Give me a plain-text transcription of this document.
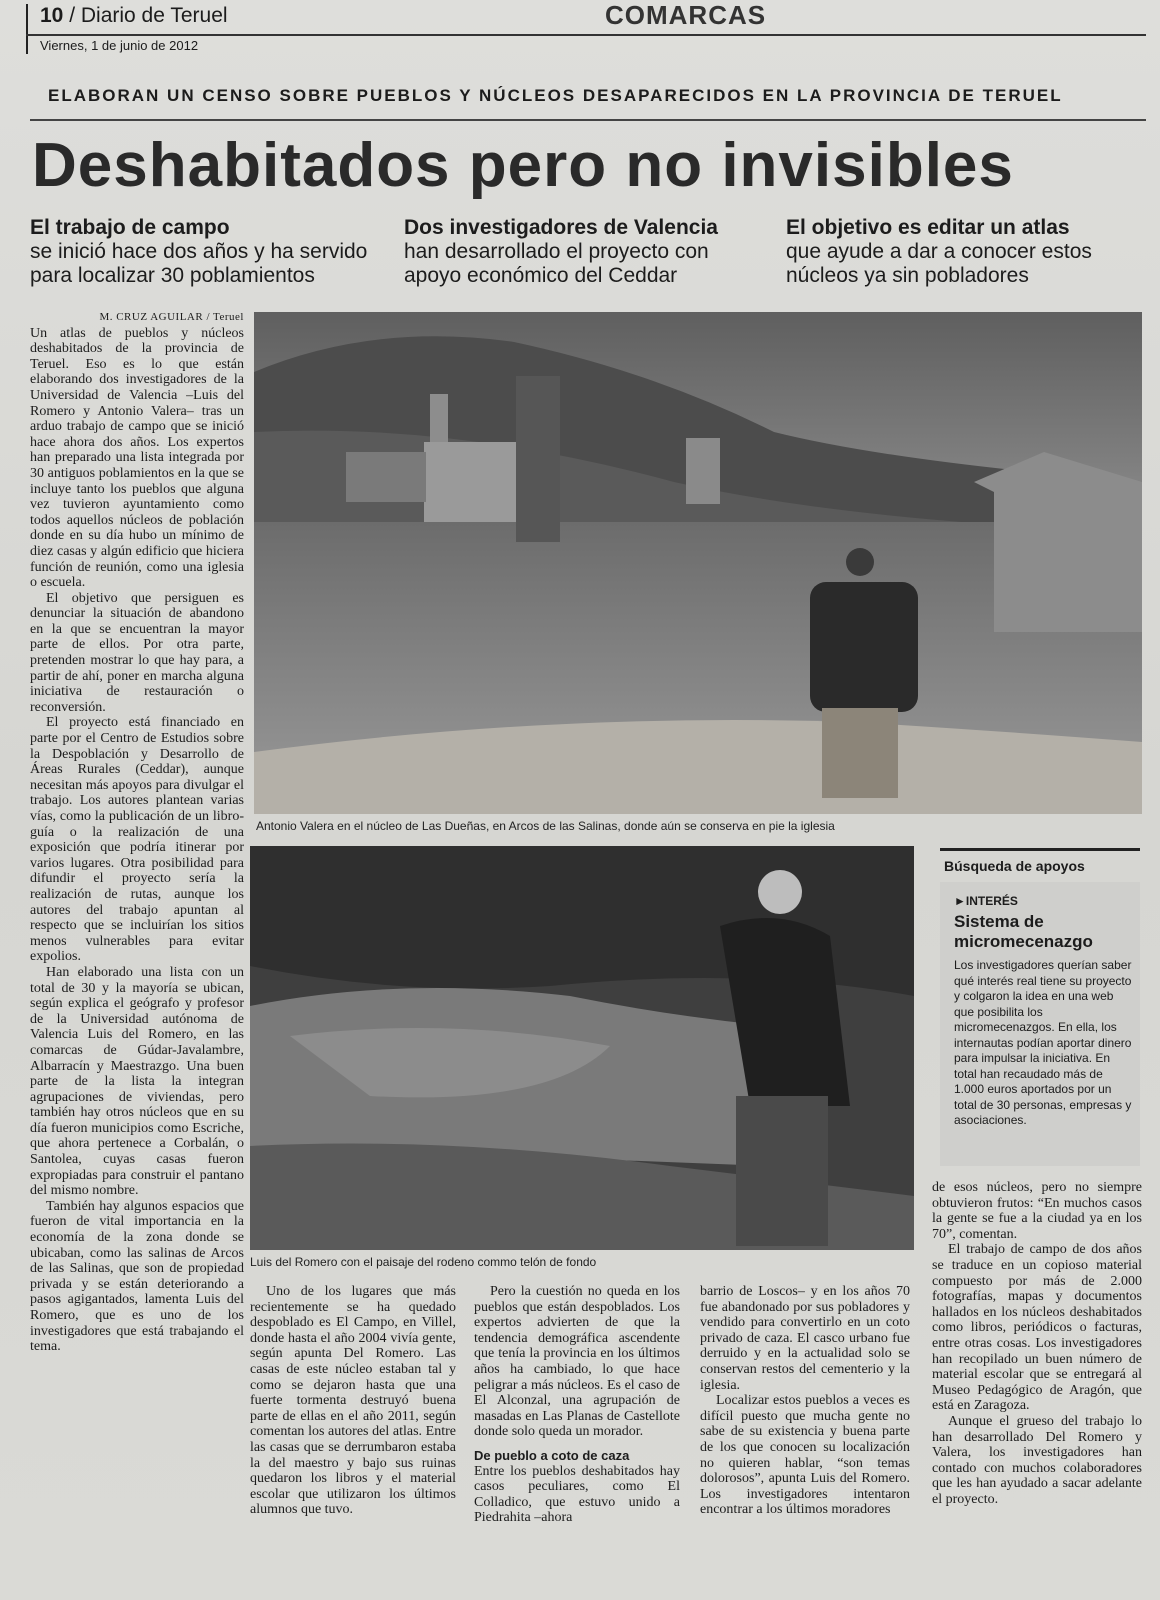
10 / Diario de Teruel	COMARCAS
Viernes, 1 de junio de 2012
ELABORAN UN CENSO SOBRE PUEBLOS Y NÚCLEOS DESAPARECIDOS EN LA PROVINCIA DE TERUEL
Deshabitados pero no invisibles
El trabajo de campo
se inició hace dos años y ha servido para localizar 30 poblamientos
Dos investigadores de Valencia
han desarrollado el proyecto con apoyo económico del Ceddar
El objetivo es editar un atlas
que ayude a dar a conocer estos núcleos ya sin pobladores

M. CRUZ AGUILAR / Teruel

Un atlas de pueblos y núcleos deshabitados de la provincia de Teruel. Eso es lo que están elaborando dos investigadores de la Universidad de Valencia –Luis del Romero y Antonio Valera– tras un arduo trabajo de campo que se inició hace ahora dos años. Los expertos han preparado una lista integrada por 30 antiguos poblamientos en la que se incluye tanto los pueblos que alguna vez tuvieron ayuntamiento como todos aquellos núcleos de población donde en su día hubo un mínimo de diez casas y algún edificio que hiciera función de reunión, como una iglesia o escuela.

El objetivo que persiguen es denunciar la situación de abandono en la que se encuentran la mayor parte de ellos. Por otra parte, pretenden mostrar lo que hay para, a partir de ahí, poner en marcha alguna iniciativa de restauración o reconversión.

El proyecto está financiado en parte por el Centro de Estudios sobre la Despoblación y Desarrollo de Áreas Rurales (Ceddar), aunque necesitan más apoyos para divulgar el trabajo. Los autores plantean varias vías, como la publicación de un libro-guía o la realización de una exposición que podría itinerar por varios lugares. Otra posibilidad para difundir el proyecto sería la realización de rutas, aunque los autores del trabajo apuntan al respecto que se incluirían los sitios menos vulnerables para evitar expolios.

Han elaborado una lista con un total de 30 y la mayoría se ubican, según explica el geógrafo y profesor de la Universidad autónoma de Valencia Luis del Romero, en las comarcas de Gúdar-Javalambre, Albarracín y Maestrazgo. Una buen parte de la lista la integran agrupaciones de viviendas, pero también hay otros núcleos que en su día fueron municipios como Escriche, que ahora pertenece a Corbalán, o Santolea, cuyas casas fueron expropiadas para construir el pantano del mismo nombre.

También hay algunos espacios que fueron de vital importancia en la economía de la zona donde se ubicaban, como las salinas de Arcos de las Salinas, que son de propiedad privada y se están deteriorando a pasos agigantados, lamenta Luis del Romero, que es uno de los investigadores que está trabajando el tema.

Antonio Valera en el núcleo de Las Dueñas, en Arcos de las Salinas, donde aún se conserva en pie la iglesia
Luis del Romero con el paisaje del rodeno commo telón de fondo
Búsqueda de apoyos
►INTERÉS
Sistema de micromecenazgo
Los investigadores querían saber qué interés real tiene su proyecto y colgaron la idea en una web que posibilita los micromecenazgos. En ella, los internautas podían aportar dinero para impulsar la iniciativa. En total han recaudado más de 1.000 euros aportados por un total de 30 personas, empresas y asociaciones.

Uno de los lugares que más recientemente se ha quedado despoblado es El Campo, en Villel, donde hasta el año 2004 vivía gente, según apunta Del Romero. Las casas de este núcleo estaban tal y como se dejaron hasta que una fuerte tormenta destruyó buena parte de ellas en el año 2011, según comentan los autores del atlas. Entre las casas que se derrumbaron estaba la del maestro y bajo sus ruinas quedaron los libros y el material escolar que utilizaron los últimos alumnos que tuvo.

Pero la cuestión no queda en los pueblos que están despoblados. Los expertos advierten de que la tendencia demográfica ascendente que tenía la provincia en los últimos años ha cambiado, lo que hace peligrar a más núcleos. Es el caso de El Alconzal, una agrupación de masadas en Las Planas de Castellote donde solo queda un morador.

De pueblo a coto de caza

Entre los pueblos deshabitados hay casos peculiares, como El Colladico, que estuvo unido a Piedrahita –ahora

barrio de Loscos– y en los años 70 fue abandonado por sus pobladores y vendido para convertirlo en un coto privado de caza. El casco urbano fue derruido y en la actualidad solo se conservan restos del cementerio y la iglesia.

Localizar estos pueblos a veces es difícil puesto que mucha gente no sabe de su existencia y buena parte de los que conocen su localización no quieren hablar, “son temas dolorosos”, apunta Luis del Romero. Los investigadores intentaron encontrar a los últimos moradores

de esos núcleos, pero no siempre obtuvieron frutos: “En muchos casos la gente se fue a la ciudad ya en los 70”, comentan.

El trabajo de campo de dos años se traduce en un copioso material compuesto por más de 2.000 fotografías, mapas y documentos hallados en los núcleos deshabitados como libros, periódicos o facturas, entre otras cosas. Los investigadores han recopilado un buen número de material escolar que se entregará al Museo Pedagógico de Aragón, que está en Zaragoza.

Aunque el grueso del trabajo lo han desarrollado Del Romero y Valera, los investigadores han contado con muchos colaboradores que les han ayudado a sacar adelante el proyecto.
